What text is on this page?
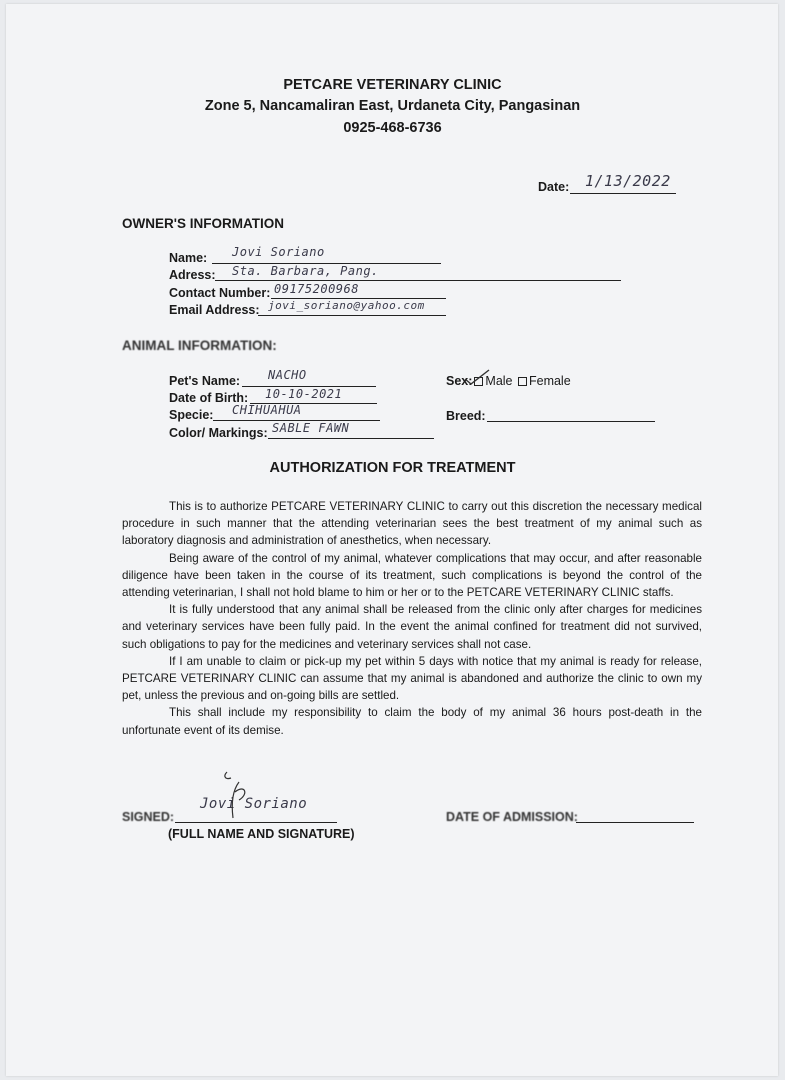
PETCARE VETERINARY CLINIC
Zone 5, Nancamaliran East, Urdaneta City, Pangasinan
0925-468-6736
Date: 1/13/2022
OWNER'S INFORMATION
Name: Jovi Soriano
Adress: Sta. Barbara, Pang.
Contact Number: 09175200968
Email Address: jovi_soriano@yahoo.com
ANIMAL INFORMATION:
Pet's Name: NACHO
Date of Birth: 10-10-2021
Specie: CHIHUAHUA
Color/ Markings: SABLE FAWN
Sex: Male Female
Breed:
AUTHORIZATION FOR TREATMENT

This is to authorize PETCARE VETERINARY CLINIC to carry out this discretion the necessary medical procedure in such manner that the attending veterinarian sees the best treatment of my animal such as laboratory diagnosis and administration of anesthetics, when necessary.

Being aware of the control of my animal, whatever complications that may occur, and after reasonable diligence have been taken in the course of its treatment, such complications is beyond the control of the attending veterinarian, I shall not hold blame to him or her or to the PETCARE VETERINARY CLINIC staffs.

It is fully understood that any animal shall be released from the clinic only after charges for medicines and veterinary services have been fully paid. In the event the animal confined for treatment did not survived, such obligations to pay for the medicines and veterinary services shall not case.

If I am unable to claim or pick-up my pet within 5 days with notice that my animal is ready for release, PETCARE VETERINARY CLINIC can assume that my animal is abandoned and authorize the clinic to own my pet, unless the previous and on-going bills are settled.

This shall include my responsibility to claim the body of my animal 36 hours post-death in the unfortunate event of its demise.

SIGNED:
Jovi Soriano
(FULL NAME AND SIGNATURE)
DATE OF ADMISSION:
